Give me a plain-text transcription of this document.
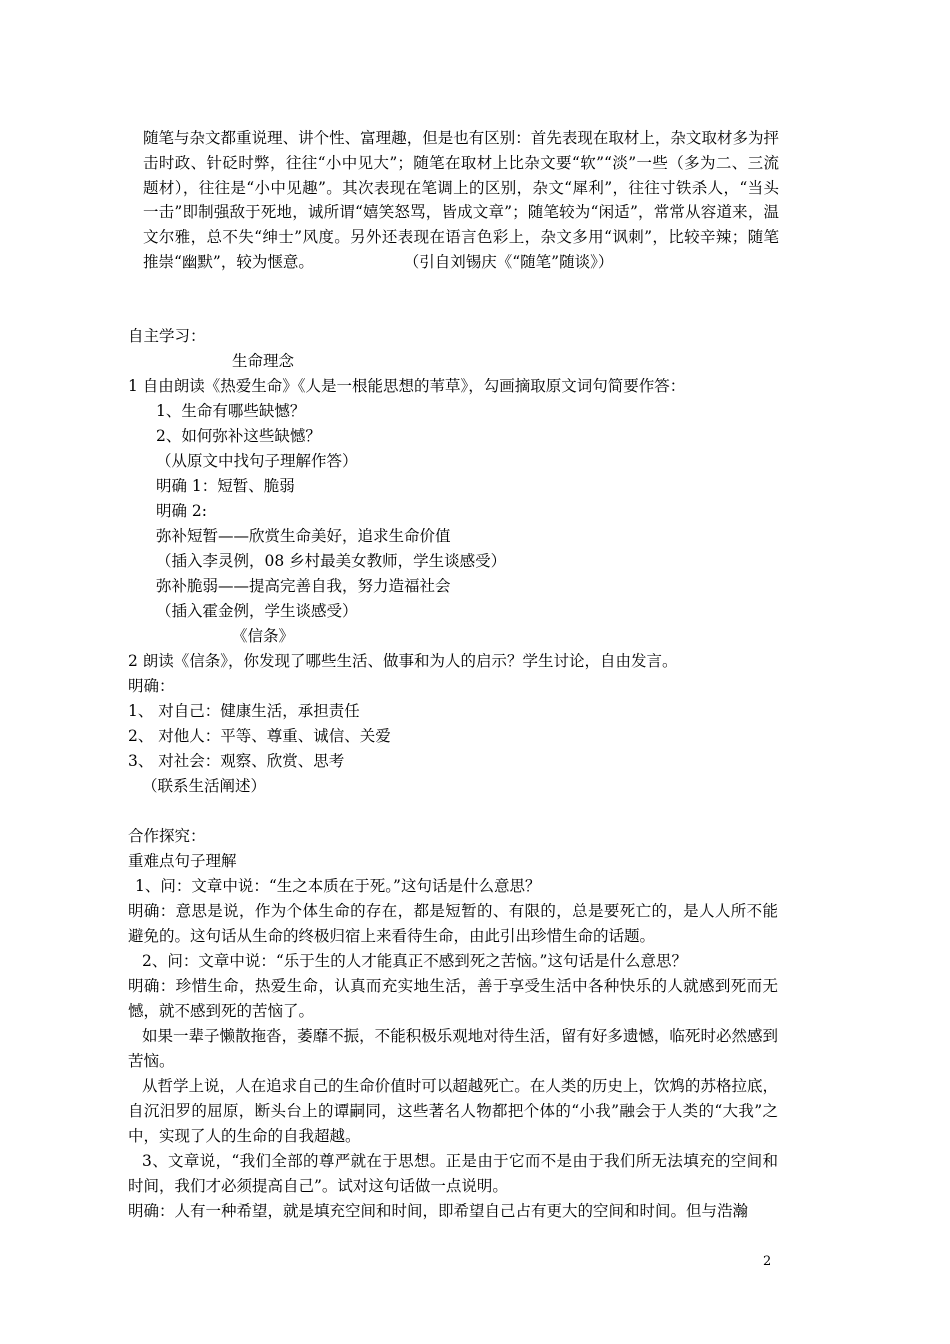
随笔与杂文都重说理、讲个性、富理趣，但是也有区别：首先表现在取材上，杂文取材多为抨击时政、针砭时弊，往往“小中见大”；随笔在取材上比杂文要“软”“淡”一些（多为二、三流题材），往往是“小中见趣”。其次表现在笔调上的区别，杂文“犀利”，往往寸铁杀人，“当头一击”即制强敌于死地，诚所谓“嬉笑怒骂，皆成文章”；随笔较为“闲适”，常常从容道来，温文尔雅，总不失“绅士”风度。另外还表现在语言色彩上，杂文多用“讽刺”，比较辛辣；随笔推崇“幽默”，较为惬意。	（引自刘锡庆《“随笔”随谈》）
自主学习：
生命理念
1 自由朗读《热爱生命》《人是一根能思想的苇草》，勾画摘取原文词句简要作答：
1、生命有哪些缺憾？
2、如何弥补这些缺憾？
（从原文中找句子理解作答）
明确 1：短暂、脆弱
明确 2:
弥补短暂——欣赏生命美好，追求生命价值
（插入李灵例，08 乡村最美女教师，学生谈感受）
弥补脆弱——提高完善自我，努力造福社会
（插入霍金例，学生谈感受）
《信条》
2 朗读《信条》，你发现了哪些生活、做事和为人的启示？学生讨论，自由发言。
明确：
1、 对自己：健康生活，承担责任
2、 对他人：平等、尊重、诚信、关爱
3、 对社会：观察、欣赏、思考
（联系生活阐述）
合作探究：
重难点句子理解
1、问：文章中说：“生之本质在于死。”这句话是什么意思？
明确：意思是说，作为个体生命的存在，都是短暂的、有限的，总是要死亡的，是人人所不能避免的。这句话从生命的终极归宿上来看待生命，由此引出珍惜生命的话题。
2、问：文章中说：“乐于生的人才能真正不感到死之苦恼。”这句话是什么意思？
明确：珍惜生命，热爱生命，认真而充实地生活，善于享受生活中各种快乐的人就感到死而无憾，就不感到死的苦恼了。
如果一辈子懒散拖沓，萎靡不振，不能积极乐观地对待生活，留有好多遗憾，临死时必然感到苦恼。
从哲学上说，人在追求自己的生命价值时可以超越死亡。在人类的历史上，饮鸩的苏格拉底，自沉汨罗的屈原，断头台上的谭嗣同，这些著名人物都把个体的“小我”融会于人类的“大我”之中，实现了人的生命的自我超越。
3、文章说，“我们全部的尊严就在于思想。正是由于它而不是由于我们所无法填充的空间和时间，我们才必须提高自己”。试对这句话做一点说明。
明确：人有一种希望，就是填充空间和时间，即希望自己占有更大的空间和时间。但与浩瀚
2
